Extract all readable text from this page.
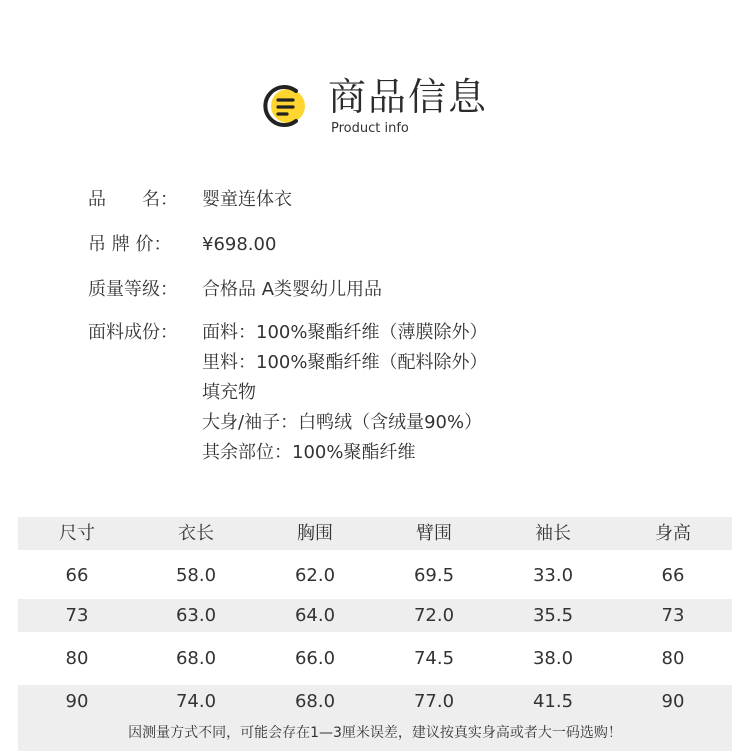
商品信息
Product info
品　　名： 婴童连体衣
吊 牌 价： ¥698.00
质量等级： 合格品 A类婴幼儿用品
面料成份： 面料：100%聚酯纤维（薄膜除外）
里料：100%聚酯纤维（配料除外）
填充物
大身/袖子：白鸭绒（含绒量90%）
其余部位：100%聚酯纤维
尺寸	衣长	胸围	臂围	袖长	身高
66	58.0	62.0	69.5	33.0	66
73	63.0	64.0	72.0	35.5	73
80	68.0	66.0	74.5	38.0	80
90	74.0	68.0	77.0	41.5	90
因测量方式不同，可能会存在1—3厘米误差，建议按真实身高或者大一码选购！
